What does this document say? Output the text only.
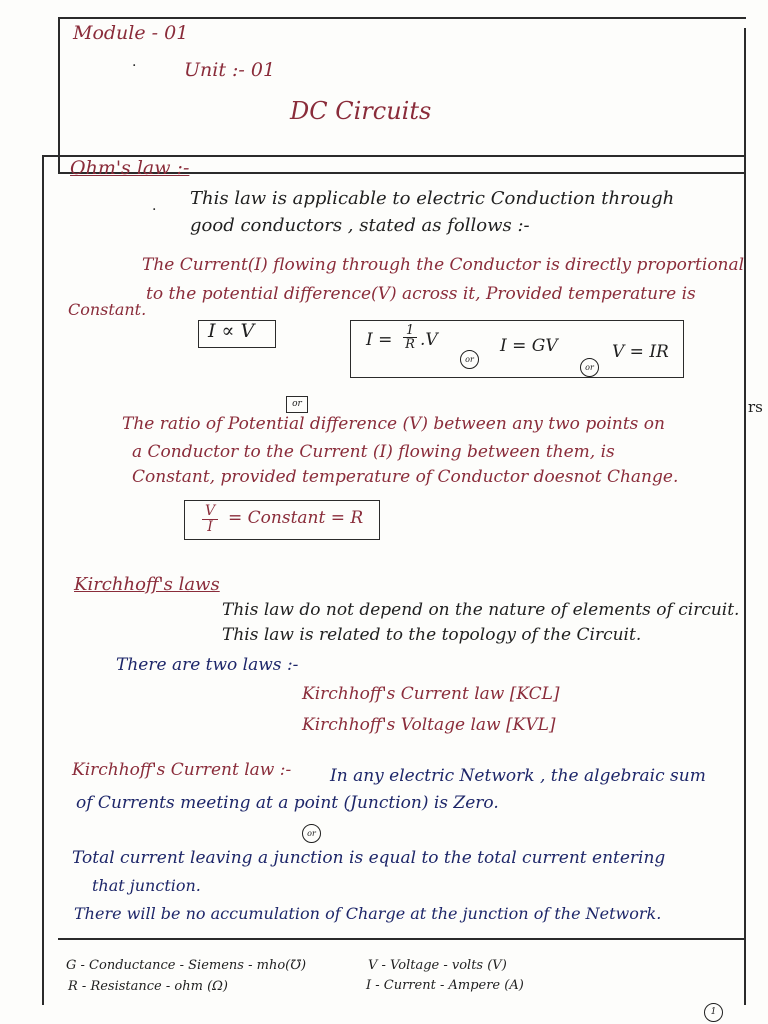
Module - 01
·	Unit :- 01
DC Circuits
Ohm's law :-
·
This law is applicable to electric Conduction through
good conductors , stated as follows :-
The Current(I) flowing through the Conductor is directly proportional
to the potential difference(V) across it, Provided temperature is
Constant.
I ∝ V	$I = \frac{1}{R} .V$
or
I = GV
or
V = IR
or	rs
The ratio of Potential difference (V) between any two points on
a Conductor to the Current (I) flowing between them, is
Constant, provided temperature of Conductor doesnot Change.
$\frac{V}{I}$ = Constant = R
Kirchhoff's laws
This law do not depend on the nature of elements of circuit.
This law is related to the topology of the Circuit.
There are two laws :-
Kirchhoff's Current law [KCL]
Kirchhoff's Voltage law [KVL]
Kirchhoff's Current law :- In any electric Network , the algebraic sum
of Currents meeting at a point (Junction) is Zero.
or
Total current leaving a junction is equal to the total current entering
that junction.
There will be no accumulation of Charge at the junction of the Network.
G - Conductance - Siemens - mho(℧)
R - Resistance - ohm (Ω)
V - Voltage - volts (V)
I - Current - Ampere (A)
1
